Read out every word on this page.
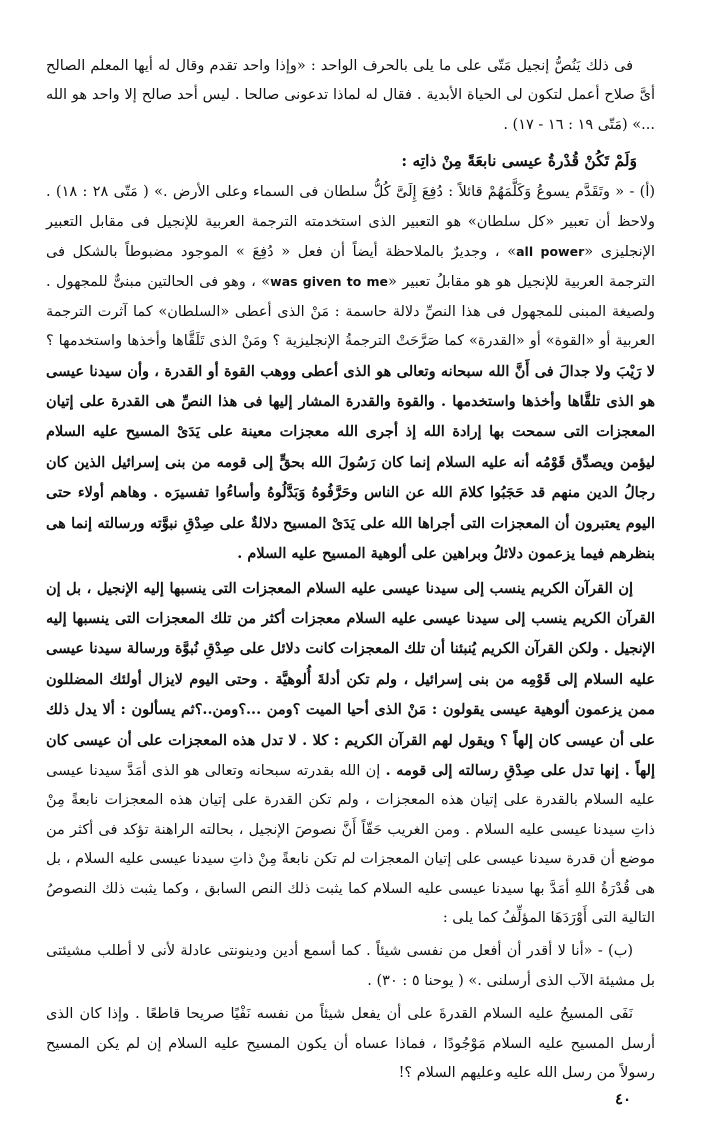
فى ذلك يَنُصُّ إنجيل مَتّى على ما يلى بالحرف الواحد : «وإذا واحد تقدم وقال له أيها المعلم الصالح أىَّ صلاح أعمل لتكون لى الحياة الأبدية . فقال له لماذا تدعونى صالحا . ليس أحد صالح إلا واحد هو الله ...» (مَتّى ١٩ : ١٦ - ١٧) .

وَلَمْ تَكُنْ قُدْرةُ عيسى نابعَةً مِنْ ذاتِه :

(أ) - « وتَقَدَّم يسوعُ وَكَلَّمَهُمْ قائلاً : دُفِعَ إِلَىَّ كُلُّ سلطان فى السماء وعلى الأرض .» ( مَتّى ٢٨ : ١٨) . ولاحظ أن تعبير «كل سلطان» هو التعبير الذى استخدمته الترجمة العربية للإنجيل فى مقابل التعبير الإنجليزى «all power» ، وجديرٌ بالملاحظة أيضاً أن فعل « دُفِعَ » الموجود مضبوطاً بالشكل فى الترجمة العربية للإنجيل هو هو مقابلُ تعبير «was given to me» ، وهو فى الحالتين مبنىٌّ للمجهول . ولصيغة المبنى للمجهول فى هذا النصِّ دلالة حاسمة : مَنْ الذى أعطى «السلطان» كما آثرت الترجمة العربية أو «القوة» أو «القدرة» كما صَرَّحَتْ الترجمةُ الإنجليزية ؟ ومَنْ الذى تَلَقَّاها وأخذها واستخدمها ؟ لا رَيْبَ ولا جدالَ فى أَنَّ الله سبحانه وتعالى هو الذى أعطى ووهب القوة أو القدرة ، وأن سيدنا عيسى هو الذى تلقَّاها وأخذها واستخدمها . والقوة والقدرة المشار إليها فى هذا النصِّ هى القدرة على إتيان المعجزات التى سمحت بها إرادة الله إذ أجرى الله معجزات معينة على يَدَىْ المسيح عليه السلام ليؤمن ويصدِّق قَوْمُه أنه عليه السلام إنما كان رَسُولَ الله بحقٍّ إلى قومه من بنى إسرائيل الذين كان رجالُ الدين منهم قد حَجَبُوا كلامَ الله عن الناس وحَرَّفُوهُ وَبَدَّلُوهُ وأساءُوا تفسيرَه . وهاهم أولاء حتى اليوم يعتبرون أن المعجزات التى أجراها الله على يَدَىْ المسيح دلالةٌ على صِدْقِ نبوَّته ورسالته إنما هى بنظرهم فيما يزعمون دلائلُ وبراهين على ألوهية المسيح عليه السلام .

إن القرآن الكريم ينسب إلى سيدنا عيسى عليه السلام المعجزات التى ينسبها إليه الإنجيل ، بل إن القرآن الكريم ينسب إلى سيدنا عيسى عليه السلام معجزات أكثر من تلك المعجزات التى ينسبها إليه الإنجيل . ولكن القرآن الكريم يُنبئنا أن تلك المعجزات كانت دلائل على صِدْقِ نُبوَّة ورسالة سيدنا عيسى عليه السلام إلى قَوْمِه من بنى إسرائيل ، ولم تكن أدلةَ أُلوهيَّة . وحتى اليوم لايزال أولئك المضللون ممن يزعمون ألوهية عيسى يقولون : مَنْ الذى أحيا الميت ؟ومن ...؟ومن..؟ثم يسألون : ألا يدل ذلك على أن عيسى كان إلهاً ؟ ويقول لهم القرآن الكريم : كلا . لا تدل هذه المعجزات على أن عيسى كان إلهاً . إنها تدل على صِدْقِ رسالته إلى قومه . إن الله بقدرته سبحانه وتعالى هو الذى أمَدَّ سيدنا عيسى عليه السلام بالقدرة على إتيان هذه المعجزات ، ولم تكن القدرة على إتيان هذه المعجزات نابعةً مِنْ ذاتِ سيدنا عيسى عليه السلام . ومن الغريب حَقّاً أَنَّ نصوصَ الإنجيل ، بحالته الراهنة تؤكد فى أكثر من موضع أن قدرة سيدنا عيسى على إتيان المعجزات لم تكن نابعةً مِنْ ذاتِ سيدنا عيسى عليه السلام ، بل هى قُدْرَةُ اللهِ أمَدَّ بها سيدنا عيسى عليه السلام كما يثبت ذلك النص السابق ، وكما يثبت ذلك النصوصُ التالية التى أَوْرَدَهَا المؤلِّفُ كما يلى :

(ب) - «أنا لا أقدر أن أفعل من نفسى شيئاً . كما أسمع أدين ودينونتى عادلة لأنى لا أطلب مشيئتى بل مشيئة الآب الذى أرسلنى .» ( يوحنا ٥ : ٣٠) .

نَفَى المسيحُ عليه السلام القدرةَ على أن يفعل شيئاً من نفسه نَفْيًا صريحا قاطعًا . وإذا كان الذى أرسل المسيح عليه السلام مَوْجُودًا ، فماذا عساه أن يكون المسيح عليه السلام إن لم يكن المسيح رسولاً من رسل الله عليه وعليهم السلام ؟!

٤٠
